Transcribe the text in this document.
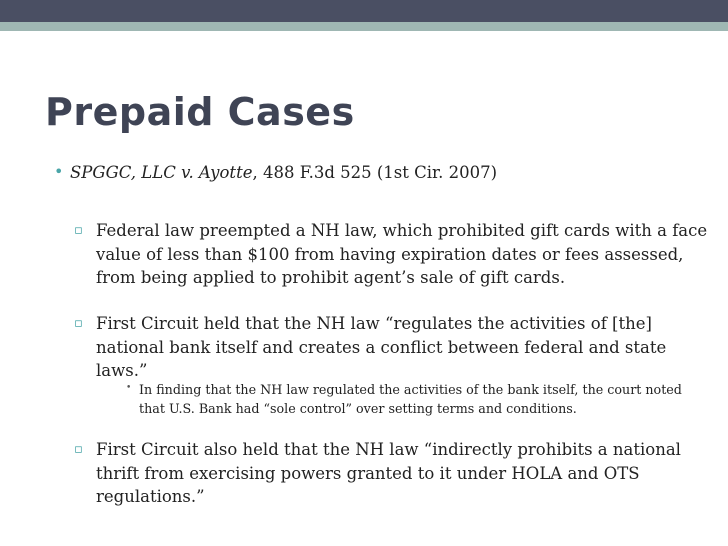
Prepaid Cases
• SPGGC, LLC v. Ayotte, 488 F.3d 525 (1st Cir. 2007)
▫ Federal law preempted a NH law, which prohibited gift cards with a face
value of less than $100 from having expiration dates or fees assessed,
from being applied to prohibit agent’s sale of gift cards.
▫ First Circuit held that the NH law “regulates the activities of [the]
national bank itself and creates a conflict between federal and state
laws.”
• In finding that the NH law regulated the activities of the bank itself, the court noted
that U.S. Bank had “sole control” over setting terms and conditions.
▫ First Circuit also held that the NH law “indirectly prohibits a national
thrift from exercising powers granted to it under HOLA and OTS
regulations.”
